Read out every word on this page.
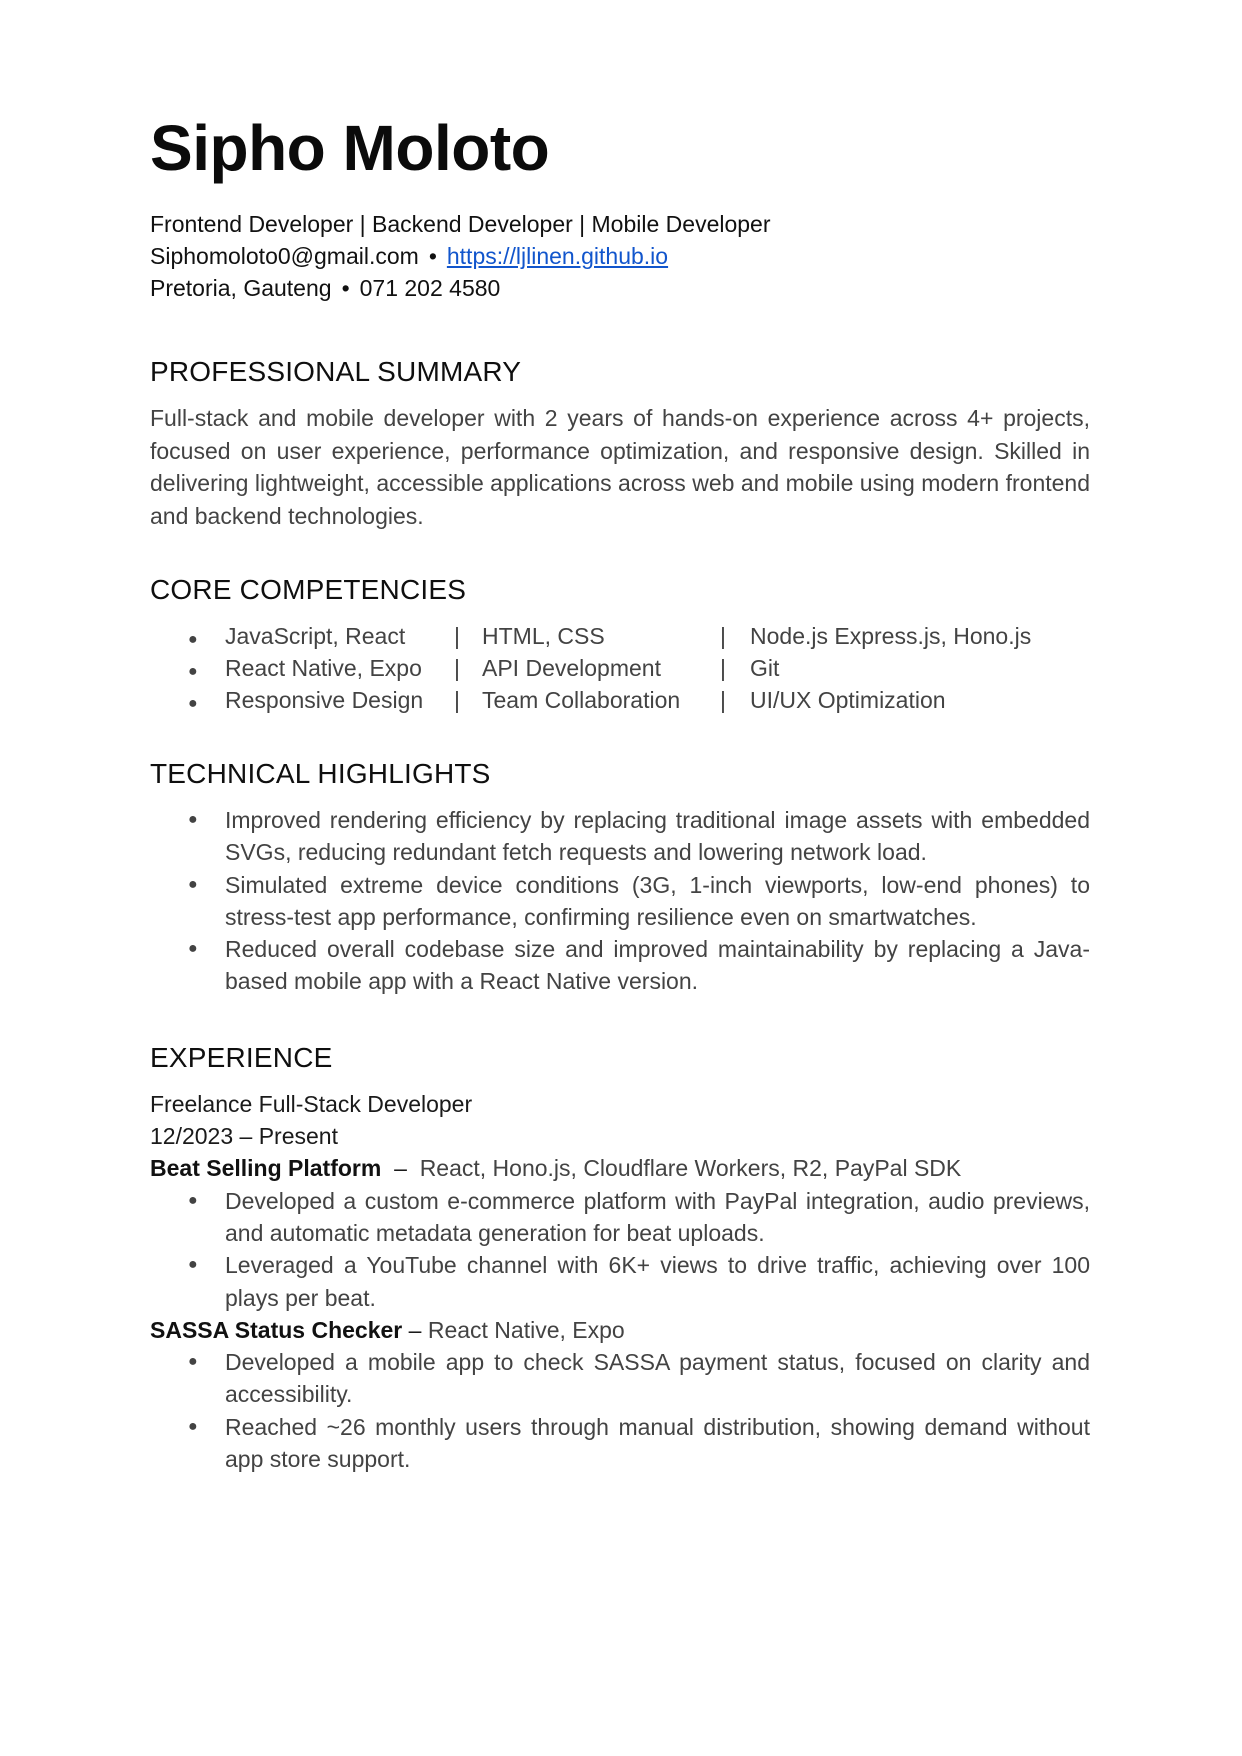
Sipho Moloto
Frontend Developer | Backend Developer | Mobile Developer
Siphomoloto0@gmail.com • https://ljlinen.github.io
Pretoria, Gauteng • 071 202 4580
PROFESSIONAL SUMMARY
Full-stack and mobile developer with 2 years of hands-on experience across 4+ projects, focused on user experience, performance optimization, and responsive design. Skilled in delivering lightweight, accessible applications across web and mobile using modern frontend and backend technologies.
CORE COMPETENCIES
●	JavaScript, React | HTML, CSS	| Node.js Express.js, Hono.js
●	React Native, Expo | API Development	| Git
●	Responsive Design | Team Collaboration | UI/UX Optimization
TECHNICAL HIGHLIGHTS
● Improved rendering efficiency by replacing traditional image assets with embedded SVGs, reducing redundant fetch requests and lowering network load.
● Simulated extreme device conditions (3G, 1-inch viewports, low-end phones) to stress-test app performance, confirming resilience even on smartwatches.
● Reduced overall codebase size and improved maintainability by replacing a Java-based mobile app with a React Native version.
EXPERIENCE
Freelance Full-Stack Developer
12/2023 – Present
Beat Selling Platform  –  React, Hono.js, Cloudflare Workers, R2, PayPal SDK
● Developed a custom e-commerce platform with PayPal integration, audio previews, and automatic metadata generation for beat uploads.
● Leveraged a YouTube channel with 6K+ views to drive traffic, achieving over 100 plays per beat.
SASSA Status Checker – React Native, Expo
● Developed a mobile app to check SASSA payment status, focused on clarity and accessibility.
● Reached ~26 monthly users through manual distribution, showing demand without app store support.
